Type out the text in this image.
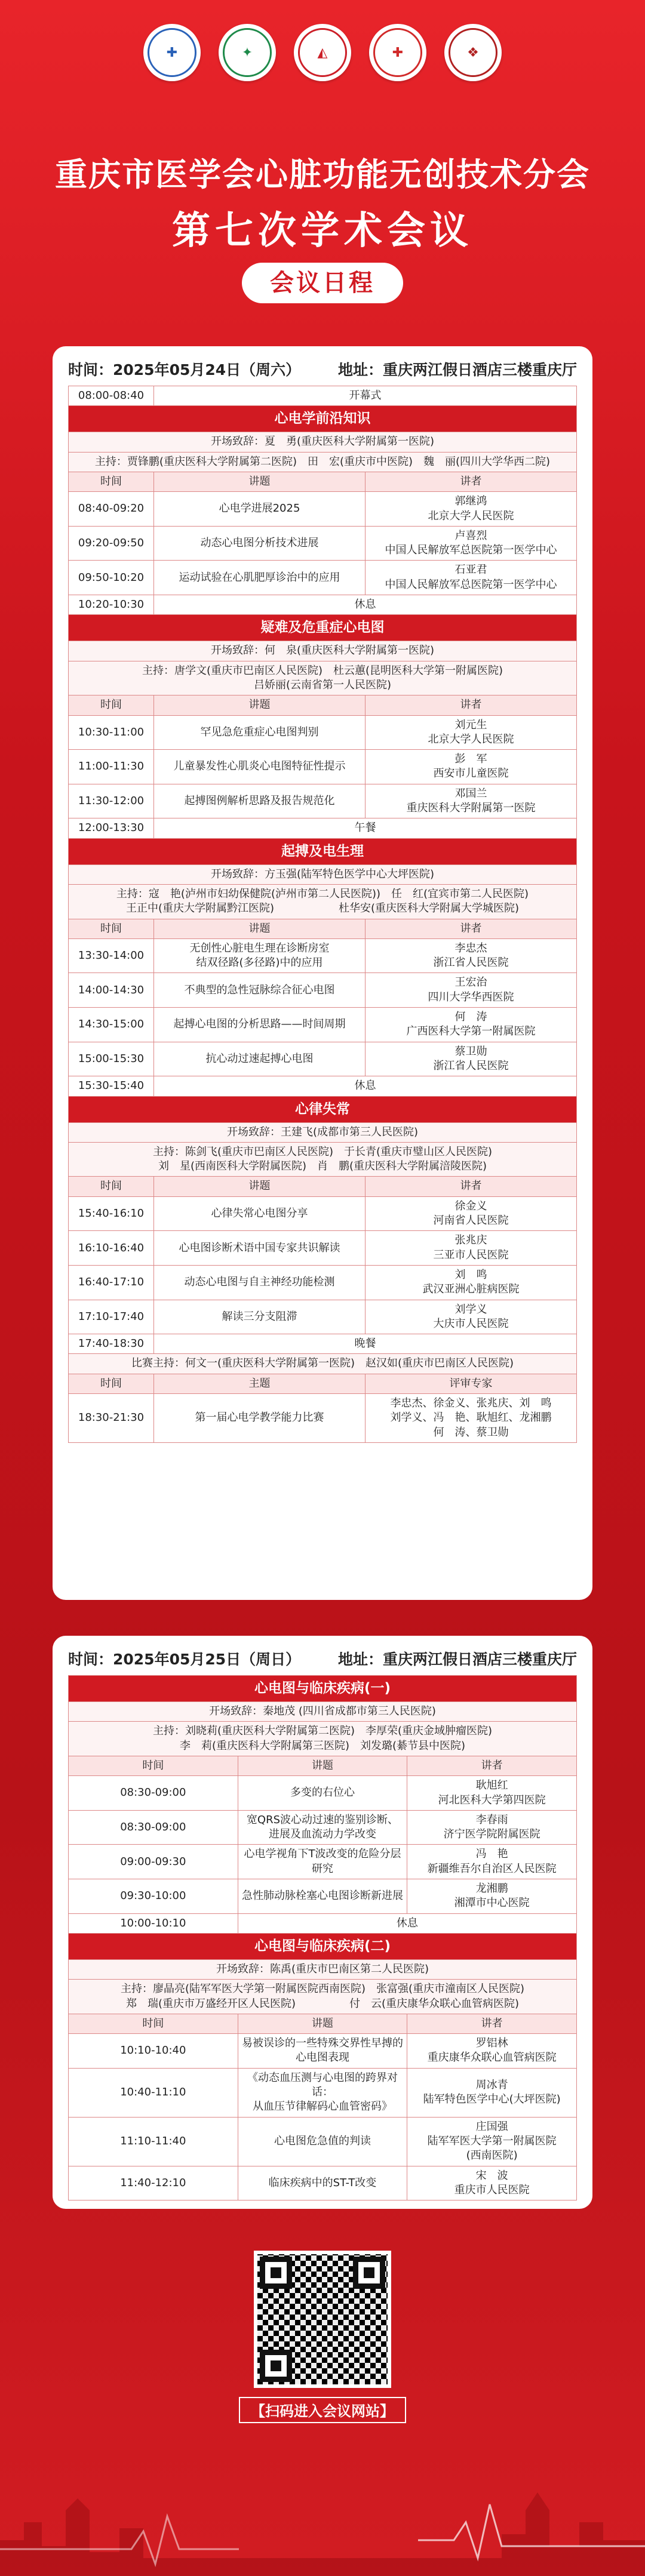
✚	✦	◭	✚	❖
重庆市医学会心脏功能无创技术分会
第七次学术会议
会议日程
时间：2025年05月24日（周六）	地址：重庆两江假日酒店三楼重庆厅
08:00-08:40	开幕式	
心电学前沿知识		
开场致辞：夏　勇(重庆医科大学附属第一医院)		
主持：贾锋鹏(重庆医科大学附属第二医院)　田　宏(重庆市中医院)　魏　丽(四川大学华西二院)		
时间	讲题	讲者
08:40-09:20	心电学进展2025	郭继鸿
北京大学人民医院
09:20-09:50	动态心电图分析技术进展	卢喜烈
中国人民解放军总医院第一医学中心
09:50-10:20	运动试验在心肌肥厚诊治中的应用	石亚君
中国人民解放军总医院第一医学中心
10:20-10:30	休息	
疑难及危重症心电图		
开场致辞：何　泉(重庆医科大学附属第一医院)		
主持：唐学文(重庆市巴南区人民医院)　杜云蕙(昆明医科大学第一附属医院)
吕娇丽(云南省第一人民医院)		
时间	讲题	讲者
10:30-11:00	罕见急危重症心电图判别	刘元生
北京大学人民医院
11:00-11:30	儿童暴发性心肌炎心电图特征性提示	彭　军
西安市儿童医院
11:30-12:00	起搏图例解析思路及报告规范化	邓国兰
重庆医科大学附属第一医院
12:00-13:30	午餐	
起搏及电生理		
开场致辞：方玉强(陆军特色医学中心大坪医院)		
主持：寇　艳(泸州市妇幼保健院(泸州市第二人民医院))　任　红(宜宾市第二人民医院)
王正中(重庆大学附属黔江医院)　　　　　　杜华安(重庆医科大学附属大学城医院)		
时间	讲题	讲者
13:30-14:00	无创性心脏电生理在诊断房室
结双径路(多径路)中的应用	李忠杰
浙江省人民医院
14:00-14:30	不典型的急性冠脉综合征心电图	王宏治
四川大学华西医院
14:30-15:00	起搏心电图的分析思路——时间周期	何　涛
广西医科大学第一附属医院
15:00-15:30	抗心动过速起搏心电图	蔡卫勋
浙江省人民医院
15:30-15:40	休息	
心律失常		
开场致辞：王建飞(成都市第三人民医院)		
主持：陈剑飞(重庆市巴南区人民医院)　于长青(重庆市璧山区人民医院)
刘　星(西南医科大学附属医院)　肖　鹏(重庆医科大学附属涪陵医院)		
时间	讲题	讲者
15:40-16:10	心律失常心电图分享	徐金义
河南省人民医院
16:10-16:40	心电图诊断术语中国专家共识解读	张兆庆
三亚市人民医院
16:40-17:10	动态心电图与自主神经功能检测	刘　鸣
武汉亚洲心脏病医院
17:10-17:40	解读三分支阻滞	刘学义
大庆市人民医院
17:40-18:30	晚餐	
比赛主持：何文一(重庆医科大学附属第一医院)　赵汉如(重庆市巴南区人民医院)		
时间	主题	评审专家
18:30-21:30	第一届心电学教学能力比赛	李忠杰、徐金义、张兆庆、刘　鸣
刘学义、冯　艳、耿旭红、龙湘鹏
何　涛、蔡卫勋
时间：2025年05月25日（周日）	地址：重庆两江假日酒店三楼重庆厅
心电图与临床疾病(一)		
开场致辞：秦地茂 (四川省成都市第三人民医院)		
主持：刘晓莉(重庆医科大学附属第二医院)　李厚荣(重庆金域肿瘤医院)
李　莉(重庆医科大学附属第三医院)　刘发璐(綦节县中医院)		
时间	讲题	讲者
08:30-09:00	多变的右位心	耿旭红
河北医科大学第四医院
08:30-09:00	宽QRS波心动过速的鉴别诊断、
进展及血流动力学改变	李春雨
济宁医学院附属医院
09:00-09:30	心电学视角下T波改变的危险分层研究	冯　艳
新疆维吾尔自治区人民医院
09:30-10:00	急性肺动脉栓塞心电图诊断新进展	龙湘鹏
湘潭市中心医院
10:00-10:10	休息	
心电图与临床疾病(二)		
开场致辞：陈禹(重庆市巴南区第二人民医院)		
主持：廖晶亮(陆军军医大学第一附属医院西南医院)　张富强(重庆市潼南区人民医院)
郑　瑞(重庆市万盛经开区人民医院)　　　　　付　云(重庆康华众联心血管病医院)		
时间	讲题	讲者
10:10-10:40	易被误诊的一些特殊交界性早搏的心电图表现	罗铝林
重庆康华众联心血管病医院
10:40-11:10	《动态血压测与心电图的跨界对话：
从血压节律解码心血管密码》	周冰青
陆军特色医学中心(大坪医院)
11:10-11:40	心电图危急值的判读	庄国强
陆军军医大学第一附属医院
(西南医院)
11:40-12:10	临床疾病中的ST-T改变	宋　波
重庆市人民医院
【扫码进入会议网站】
